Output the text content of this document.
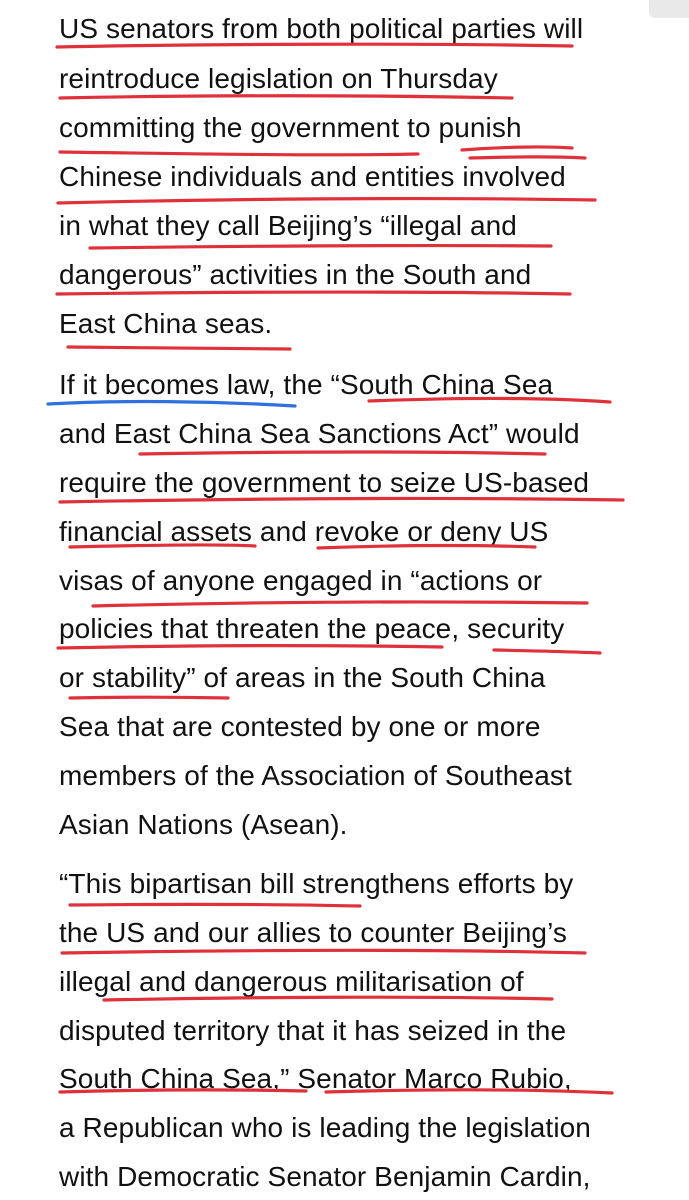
US senators from both political parties will
reintroduce legislation on Thursday
committing the government to punish
Chinese individuals and entities involved
in what they call Beijing’s “illegal and
dangerous” activities in the South and
East China seas.
If it becomes law, the “South China Sea
and East China Sea Sanctions Act” would
require the government to seize US-based
financial assets and revoke or deny US
visas of anyone engaged in “actions or
policies that threaten the peace, security
or stability” of areas in the South China
Sea that are contested by one or more
members of the Association of Southeast
Asian Nations (Asean).
“This bipartisan bill strengthens efforts by
the US and our allies to counter Beijing’s
illegal and dangerous militarisation of
disputed territory that it has seized in the
South China Sea,” Senator Marco Rubio,
a Republican who is leading the legislation
with Democratic Senator Benjamin Cardin,
